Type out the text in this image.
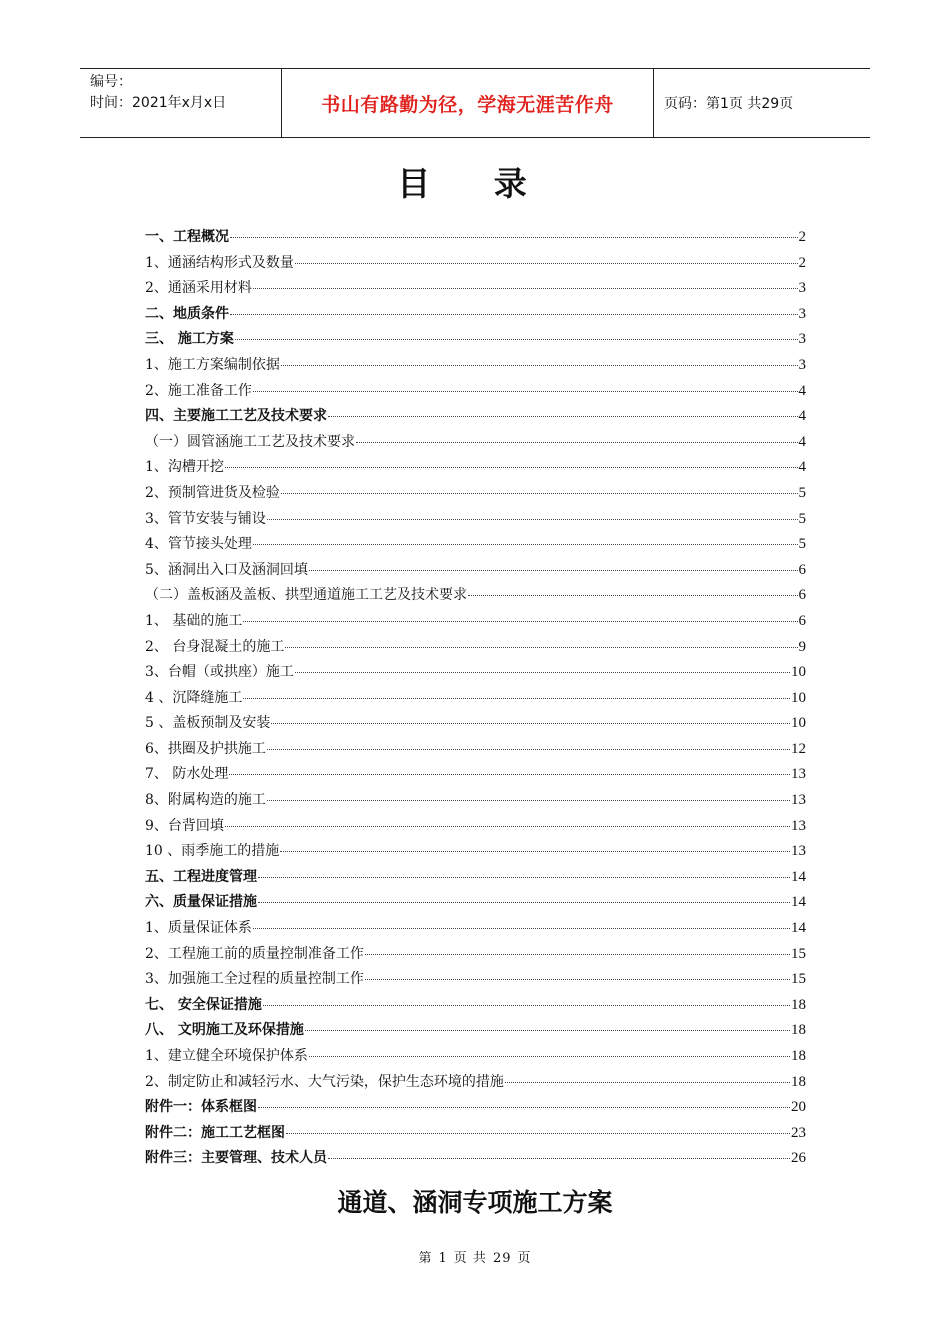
编号：
时间：2021年x月x日	书山有路勤为径，学海无涯苦作舟	页码：第1页 共29页
目 录
一、工程概况	2
1、通涵结构形式及数量	2
2、通涵采用材料	3
二、地质条件	3
三、 施工方案	3
1、施工方案编制依据	3
2、施工准备工作	4
四、主要施工工艺及技术要求	4
（一）圆管涵施工工艺及技术要求	4
1、沟槽开挖	4
2、预制管进货及检验	5
3、管节安装与铺设	5
4、管节接头处理	5
5、涵洞出入口及涵洞回填	6
（二）盖板涵及盖板、拱型通道施工工艺及技术要求	6
1、 基础的施工	6
2、 台身混凝土的施工	9
3、台帽（或拱座）施工	10
4 、沉降缝施工	10
5 、盖板预制及安装	10
6、拱圈及护拱施工	12
7、 防水处理	13
8、附属构造的施工	13
9、台背回填	13
10 、雨季施工的措施	13
五、工程进度管理	14
六、质量保证措施	14
1、质量保证体系	14
2、工程施工前的质量控制准备工作	15
3、加强施工全过程的质量控制工作	15
七、 安全保证措施	18
八、 文明施工及环保措施	18
1、建立健全环境保护体系	18
2、制定防止和减轻污水、大气污染，保护生态环境的措施	18
附件一：体系框图	20
附件二：施工工艺框图	23
附件三：主要管理、技术人员	26
通道、涵洞专项施工方案
第 1 页 共 29 页
